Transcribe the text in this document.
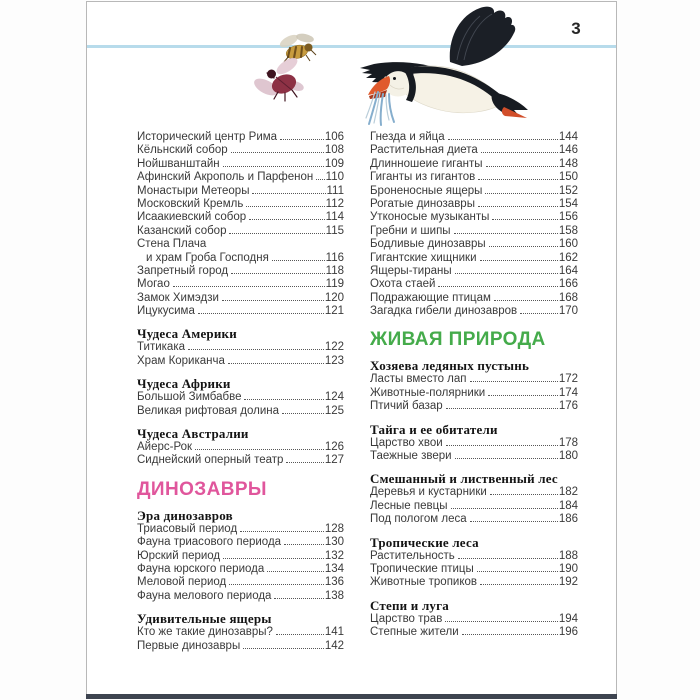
3
Исторический центр Рима	106
Кёльнский собор	108
Нойшванштайн	109
Афинский Акрополь и Парфенон 110
Монастыри Метеоры	111
Московский Кремль	112
Исаакиевский собор	114
Казанский собор	115
Стена Плача
и храм Гроба Господня	116
Запретный город	118
Могао	119
Замок Химэдзи	120
Ицукусима	121
Чудеса Америки
Титикака	122
Храм Кориканча	123
Чудеса Африки
Большой Зимбабве	124
Великая рифтовая долина	125
Чудеса Австралии
Айерс-Рок	126
Сиднейский оперный театр	127
ДИНОЗАВРЫ
Эра динозавров
Триасовый период	128
Фауна триасового периода	130
Юрский период	132
Фауна юрского периода	134
Меловой период	136
Фауна мелового периода	138
Удивительные ящеры
Кто же такие динозавры?	141
Первые динозавры	142
Гнезда и яйца	144
Растительная диета	146
Длинношеие гиганты	148
Гиганты из гигантов	150
Броненосные ящеры	152
Рогатые динозавры	154
Утконосые музыканты	156
Гребни и шипы	158
Бодливые динозавры	160
Гигантские хищники	162
Ящеры-тираны	164
Охота стаей	166
Подражающие птицам	168
Загадка гибели динозавров	170
ЖИВАЯ ПРИРОДА
Хозяева ледяных пустынь
Ласты вместо лап	172
Животные-полярники	174
Птичий базар	176
Тайга и ее обитатели
Царство хвои	178
Таежные звери	180
Смешанный и лиственный лес
Деревья и кустарники	182
Лесные певцы	184
Под пологом леса	186
Тропические леса
Растительность	188
Тропические птицы	190
Животные тропиков	192
Степи и луга
Царство трав	194
Степные жители	196
